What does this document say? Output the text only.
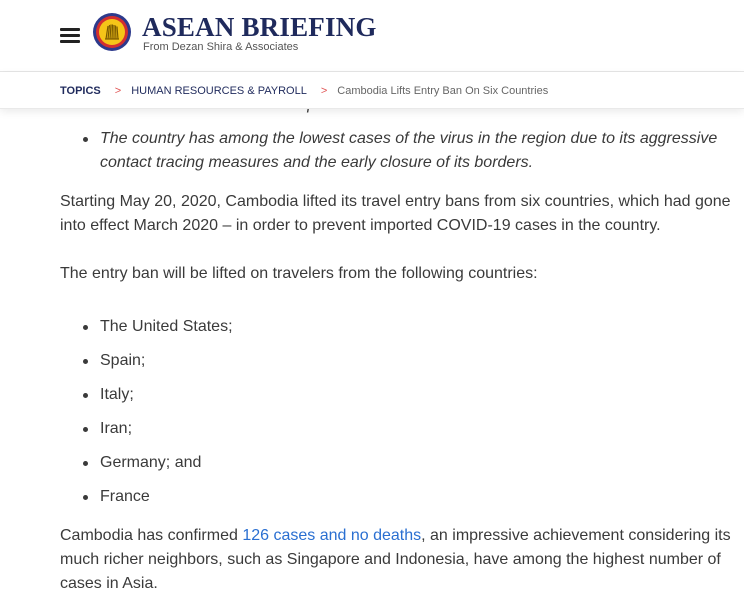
The country has among the lowest cases of the virus in the region due to its aggressive contact tracing measures and the early closure of its borders.

Starting May 20, 2020, Cambodia lifted its travel entry bans from six countries, which had gone into effect March 2020 – in order to prevent imported COVID-19 cases in the country.

The entry ban will be lifted on travelers from the following countries:

The United States;
Spain;
Italy;
Iran;
Germany; and
France

Cambodia has confirmed 126 cases and no deaths, an impressive achievement considering its much richer neighbors, such as Singapore and Indonesia, have among the highest number of cases in Asia.

ASEAN BRIEFING
From Dezan Shira & Associates
TOPICS > HUMAN RESOURCES & PAYROLL > Cambodia Lifts Entry Ban On Six Countries
